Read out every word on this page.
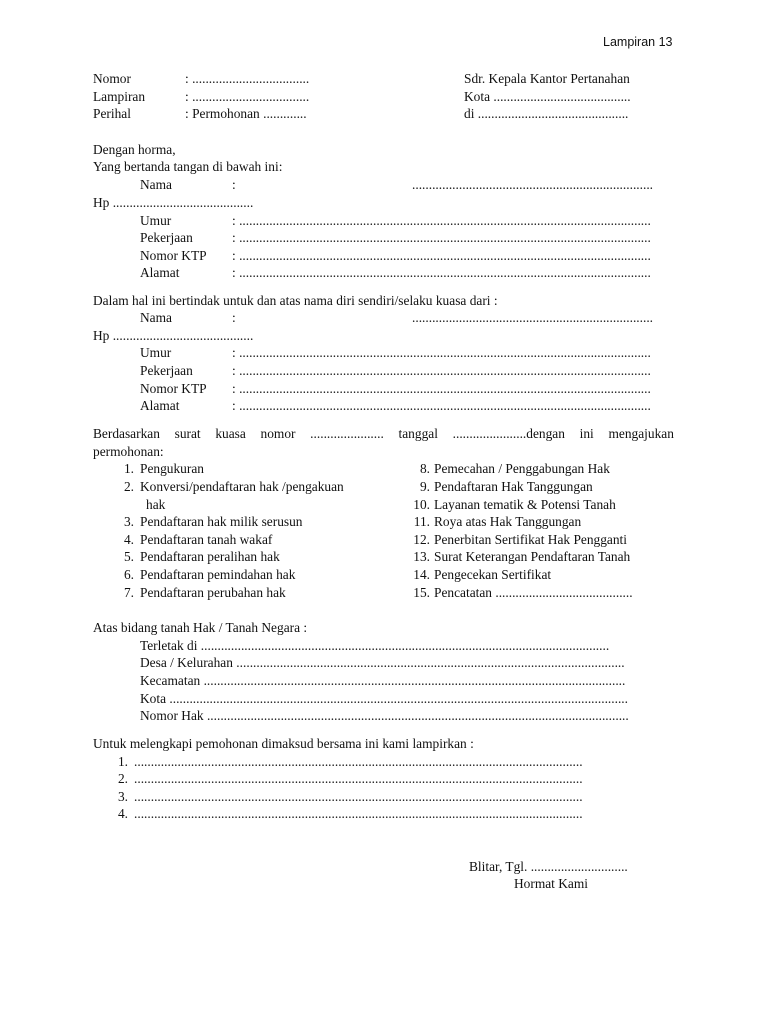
Lampiran 13
Nomor	: ...................................
Lampiran	: ...................................
Perihal	: Permohonan .............
Sdr. Kepala Kantor Pertanahan
Kota .........................................
di .............................................
Dengan horma,
Yang bertanda tangan di bawah ini:
Nama	:	........................................................................
Hp ..........................................
Umur	: ...........................................................................................................................
Pekerjaan	: ...........................................................................................................................
Nomor KTP : ...........................................................................................................................
Alamat	: ...........................................................................................................................
Dalam hal ini bertindak untuk dan atas nama diri sendiri/selaku kuasa dari :
Nama	:	........................................................................
Hp ..........................................
Umur	: ...........................................................................................................................
Pekerjaan	: ...........................................................................................................................
Nomor KTP : ...........................................................................................................................
Alamat	: ...........................................................................................................................
Berdasarkan surat kuasa nomor ...................... tanggal ......................dengan ini mengajukan
permohonan:
1. Pengukuran
2. Konversi/pendaftaran hak /pengakuan
hak
3. Pendaftaran hak milik serusun
4. Pendaftaran tanah wakaf
5. Pendaftaran peralihan hak
6. Pendaftaran pemindahan hak
7. Pendaftaran perubahan hak
8. Pemecahan / Penggabungan Hak
9. Pendaftaran Hak Tanggungan
10. Layanan tematik & Potensi Tanah
11. Roya atas Hak Tanggungan
12. Penerbitan Sertifikat Hak Pengganti
13. Surat Keterangan Pendaftaran Tanah
14. Pengecekan Sertifikat
15. Pencatatan .........................................
Atas bidang tanah Hak / Tanah Negara :
Terletak di ..........................................................................................................................
Desa / Kelurahan ....................................................................................................................
Kecamatan ..............................................................................................................................
Kota .........................................................................................................................................
Nomor Hak ..............................................................................................................................
Untuk melengkapi pemohonan dimaksud bersama ini kami lampirkan :
1. ......................................................................................................................................
2. ......................................................................................................................................
3. ......................................................................................................................................
4. ......................................................................................................................................
Blitar, Tgl. .............................
Hormat Kami
